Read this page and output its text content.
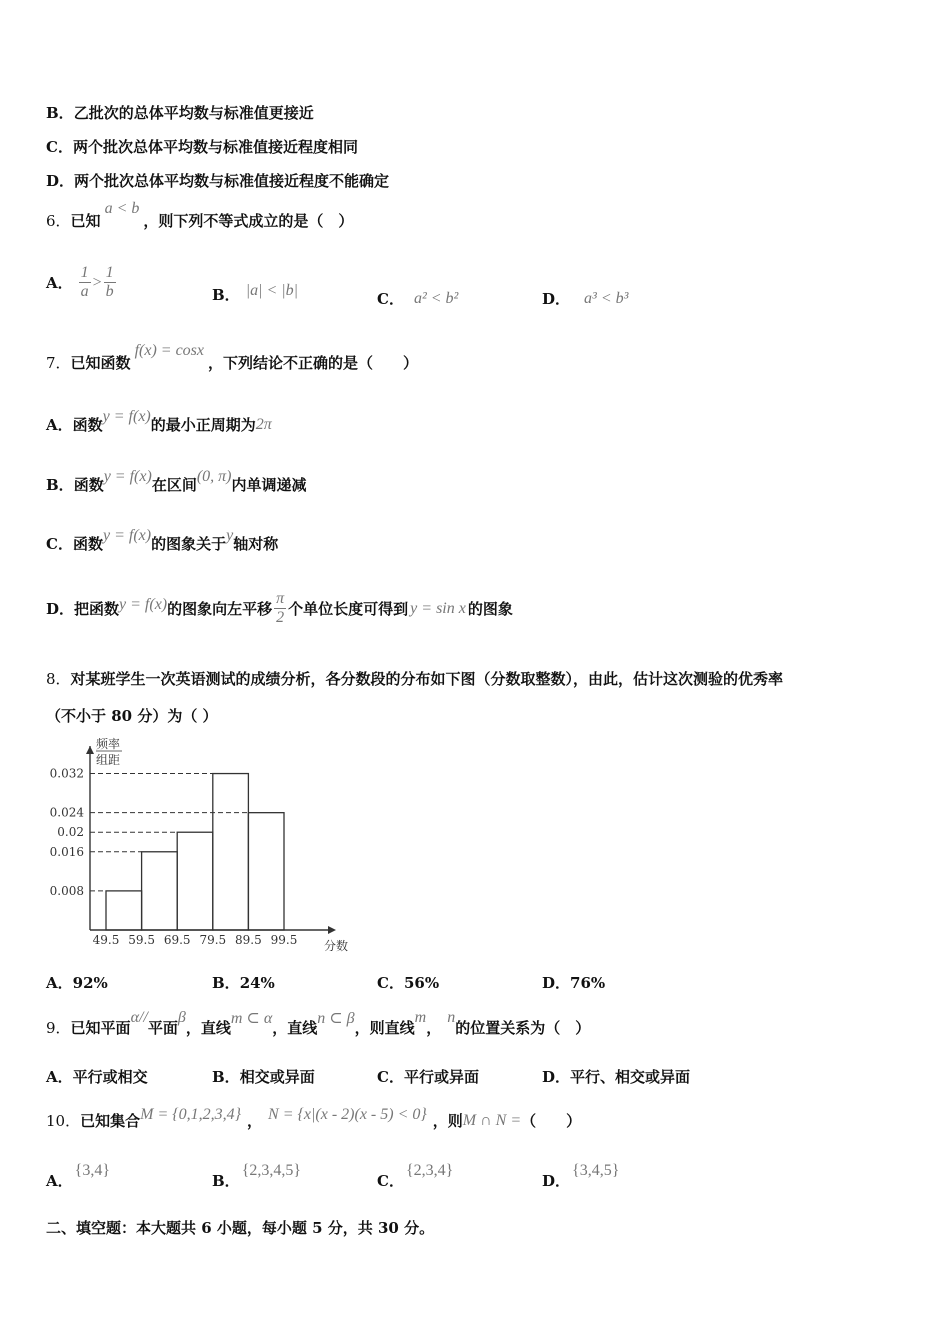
B． 乙批次的总体平均数与标准值更接近
C． 两个批次总体平均数与标准值接近程度相同
D． 两个批次总体平均数与标准值接近程度不能确定
6． 已知
a < b
，则下列不等式成立的是（　）
A． $\frac{1}{a} > \frac{1}{b}$	B． |a| < |b|	C． a² < b²	D． a³ < b³
7． 已知函数
f(x) = cosx
，下列结论不正确的是（　　）
A． 函数 y = f(x) 的最小正周期为 2π
B． 函数 y = f(x) 在区间 (0, π) 内单调递减
C． 函数 y = f(x) 的图象关于 y 轴对称
D． 把函数 y = f(x) 的图象向左平移 $\frac{\pi}{2}$ 个单位长度可得到 y = sin x 的图象
8． 对某班学生一次英语测试的成绩分析，各分数段的分布如下图（分数取整数），由此，估计这次测验的优秀率
（不小于 80 分）为（ ）
频率
组距
0.008
0.016
0.02
0.024
0.032
49.5 59.5 69.5 79.5 89.5 99.5 分数
A． 92%	B． 24%	C． 56%	D． 76%
9． 已知平面
α//
平面
β
，直线
m ⊂ α
，直线
n ⊂ β
，则直线
m
，
n
的位置关系为（　）
A． 平行或相交	B． 相交或异面	C． 平行或异面	D． 平行、相交或异面
10． 已知集合 M = {0,1,2,3,4} ， N = {x|(x - 2)(x - 5) < 0} ，则 M ∩ N = （　　）
A．
{3,4}
B．
{2,3,4,5}
C．
{2,3,4}
D．
{3,4,5}
二、填空题：本大题共 6 小题，每小题 5 分，共 30 分。
